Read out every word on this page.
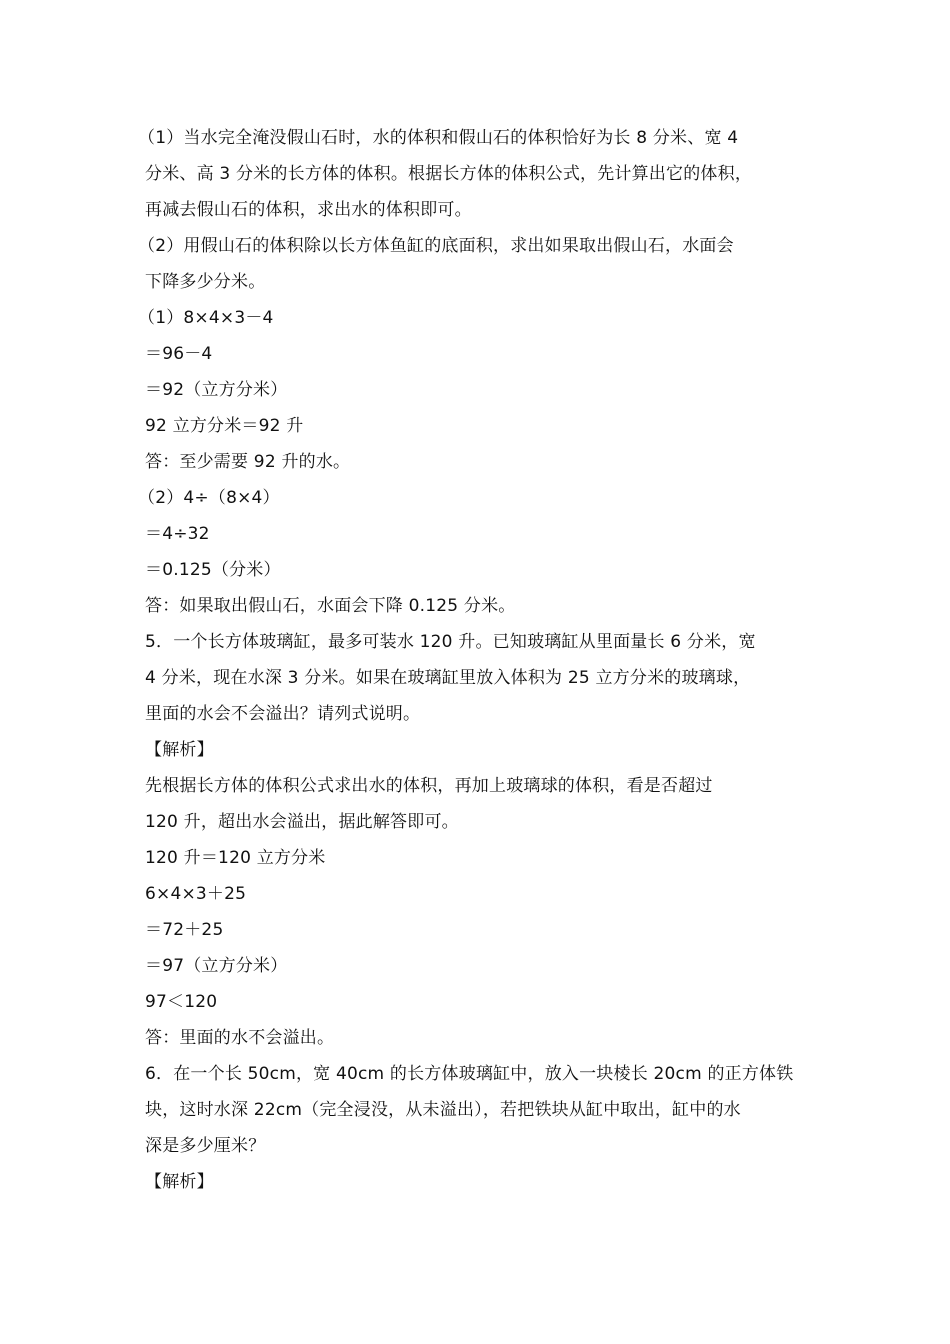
（1）当水完全淹没假山石时，水的体积和假山石的体积恰好为长 8 分米、宽 4
分米、高 3 分米的长方体的体积。根据长方体的体积公式，先计算出它的体积，
再减去假山石的体积，求出水的体积即可。
（2）用假山石的体积除以长方体鱼缸的底面积，求出如果取出假山石，水面会
下降多少分米。
（1）8×4×3－4
＝96－4
＝92（立方分米）
92 立方分米＝92 升
答：至少需要 92 升的水。
（2）4÷（8×4）
＝4÷32
＝0.125（分米）
答：如果取出假山石，水面会下降 0.125 分米。
5．一个长方体玻璃缸，最多可装水 120 升。已知玻璃缸从里面量长 6 分米，宽
4 分米，现在水深 3 分米。如果在玻璃缸里放入体积为 25 立方分米的玻璃球，
里面的水会不会溢出？请列式说明。
【解析】
先根据长方体的体积公式求出水的体积，再加上玻璃球的体积，看是否超过
120 升，超出水会溢出，据此解答即可。
120 升＝120 立方分米
6×4×3＋25
＝72＋25
＝97（立方分米）
97＜120
答：里面的水不会溢出。
6．在一个长 50cm，宽 40cm 的长方体玻璃缸中，放入一块棱长 20cm 的正方体铁
块，这时水深 22cm（完全浸没，从未溢出），若把铁块从缸中取出，缸中的水
深是多少厘米？
【解析】
